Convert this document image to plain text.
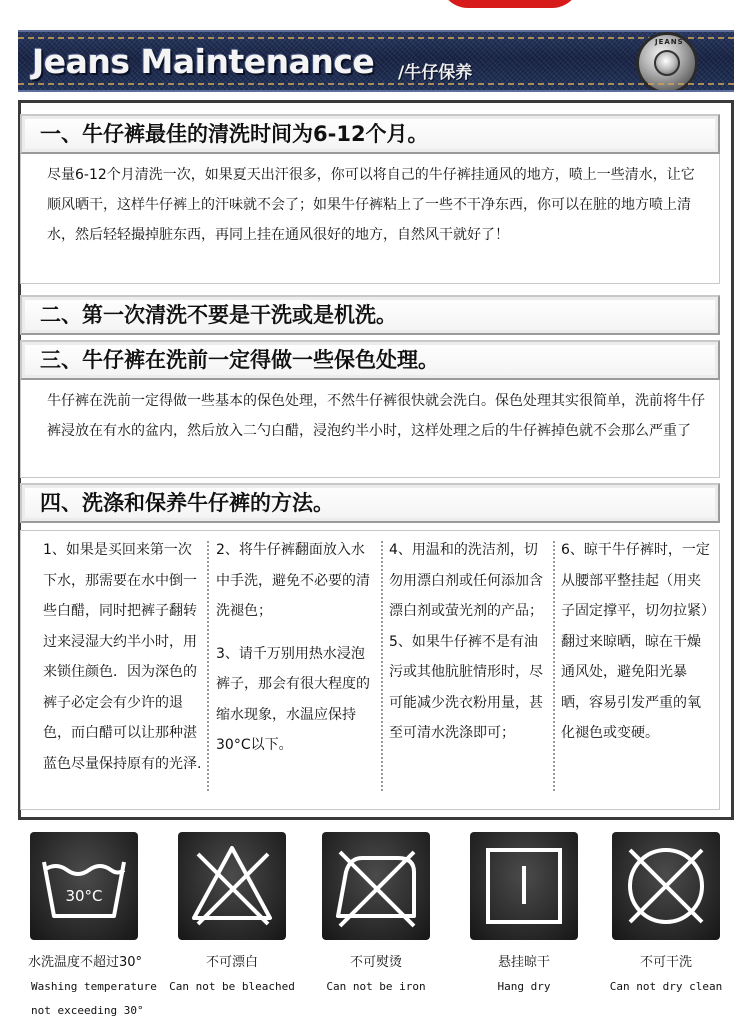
Jeans Maintenance /牛仔保养
JEANS
一、牛仔裤最佳的清洗时间为6-12个月。
尽量6-12个月清洗一次，如果夏天出汗很多，你可以将自己的牛仔裤挂通风的地方，喷上一些清水，让它顺风晒干，这样牛仔裤上的汗味就不会了；如果牛仔裤粘上了一些不干净东西，你可以在脏的地方喷上清水，然后轻轻撮掉脏东西，再同上挂在通风很好的地方，自然风干就好了！
二、第一次清洗不要是干洗或是机洗。
三、牛仔裤在洗前一定得做一些保色处理。
牛仔裤在洗前一定得做一些基本的保色处理，不然牛仔裤很快就会洗白。保色处理其实很简单，洗前将牛仔裤浸放在有水的盆内，然后放入二勺白醋，浸泡约半小时，这样处理之后的牛仔裤掉色就不会那么严重了
四、洗涤和保养牛仔裤的方法。

1、如果是买回来第一次下水，那需要在水中倒一些白醋，同时把裤子翻转过来浸湿大约半小时，用来锁住颜色．因为深色的裤子必定会有少许的退色，而白醋可以让那种湛蓝色尽量保持原有的光泽.

2、将牛仔裤翻面放入水中手洗，避免不必要的清洗褪色；

3、请千万别用热水浸泡裤子，那会有很大程度的缩水现象，水温应保持30°C以下。

4、用温和的洗洁剂，切勿用漂白剂或任何添加含漂白剂或萤光剂的产品；

5、如果牛仔裤不是有油污或其他肮脏情形时，尽可能减少洗衣粉用量，甚至可清水洗涤即可；

6、晾干牛仔裤时，一定从腰部平整挂起（用夹子固定撑平，切勿拉紧）翻过来晾晒，晾在干燥通风处，避免阳光暴晒，容易引发严重的氧化褪色或变硬。

30°C
水洗温度不超过30°
Washing temperature
not exceeding 30°
不可漂白
Can not be bleached
不可熨烫
Can not be iron
悬挂晾干
Hang dry
不可干洗
Can not dry clean
